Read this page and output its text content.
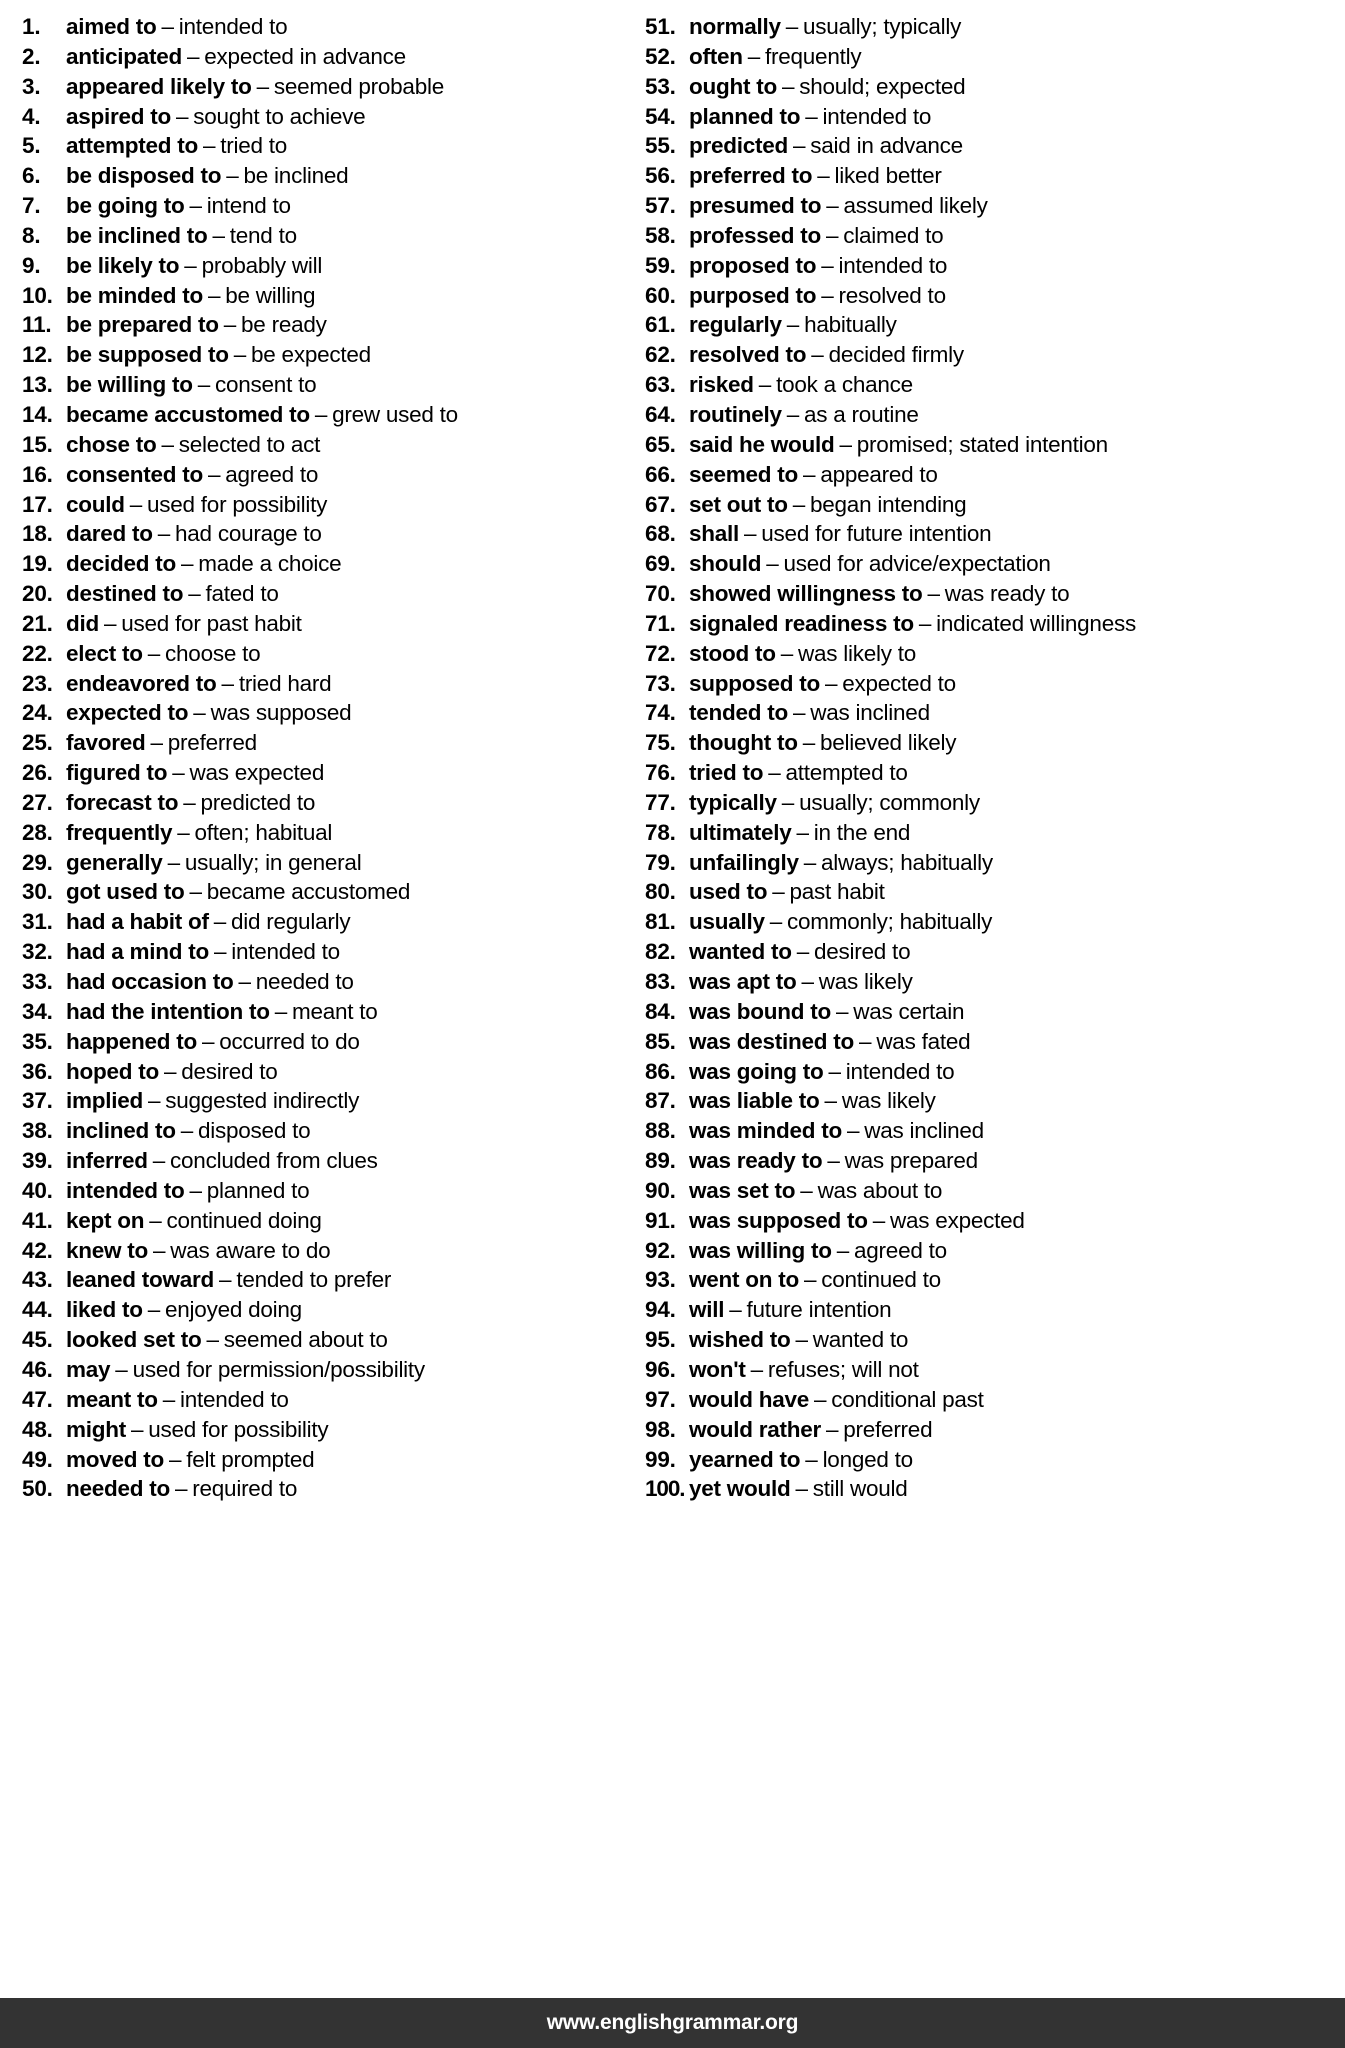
1.	aimed to – intended to
2.	anticipated – expected in advance
3.	appeared likely to – seemed probable
4.	aspired to – sought to achieve
5.	attempted to – tried to
6.	be disposed to – be inclined
7.	be going to – intend to
8.	be inclined to – tend to
9.	be likely to – probably will
10. be minded to – be willing
11. be prepared to – be ready
12. be supposed to – be expected
13. be willing to – consent to
14. became accustomed to – grew used to
15. chose to – selected to act
16. consented to – agreed to
17. could – used for possibility
18. dared to – had courage to
19. decided to – made a choice
20. destined to – fated to
21. did – used for past habit
22. elect to – choose to
23. endeavored to – tried hard
24. expected to – was supposed
25. favored – preferred
26. figured to – was expected
27. forecast to – predicted to
28. frequently – often; habitual
29. generally – usually; in general
30. got used to – became accustomed
31. had a habit of – did regularly
32. had a mind to – intended to
33. had occasion to – needed to
34. had the intention to – meant to
35. happened to – occurred to do
36. hoped to – desired to
37. implied – suggested indirectly
38. inclined to – disposed to
39. inferred – concluded from clues
40. intended to – planned to
41. kept on – continued doing
42. knew to – was aware to do
43. leaned toward – tended to prefer
44. liked to – enjoyed doing
45. looked set to – seemed about to
46. may – used for permission/possibility
47. meant to – intended to
48. might – used for possibility
49. moved to – felt prompted
50. needed to – required to
51. normally – usually; typically
52. often – frequently
53. ought to – should; expected
54. planned to – intended to
55. predicted – said in advance
56. preferred to – liked better
57. presumed to – assumed likely
58. professed to – claimed to
59. proposed to – intended to
60. purposed to – resolved to
61. regularly – habitually
62. resolved to – decided firmly
63. risked – took a chance
64. routinely – as a routine
65. said he would – promised; stated intention
66. seemed to – appeared to
67. set out to – began intending
68. shall – used for future intention
69. should – used for advice/expectation
70. showed willingness to – was ready to
71. signaled readiness to – indicated willingness
72. stood to – was likely to
73. supposed to – expected to
74. tended to – was inclined
75. thought to – believed likely
76. tried to – attempted to
77. typically – usually; commonly
78. ultimately – in the end
79. unfailingly – always; habitually
80. used to – past habit
81. usually – commonly; habitually
82. wanted to – desired to
83. was apt to – was likely
84. was bound to – was certain
85. was destined to – was fated
86. was going to – intended to
87. was liable to – was likely
88. was minded to – was inclined
89. was ready to – was prepared
90. was set to – was about to
91. was supposed to – was expected
92. was willing to – agreed to
93. went on to – continued to
94. will – future intention
95. wished to – wanted to
96. won't – refuses; will not
97. would have – conditional past
98. would rather – preferred
99. yearned to – longed to
100. yet would – still would
www.englishgrammar.org
